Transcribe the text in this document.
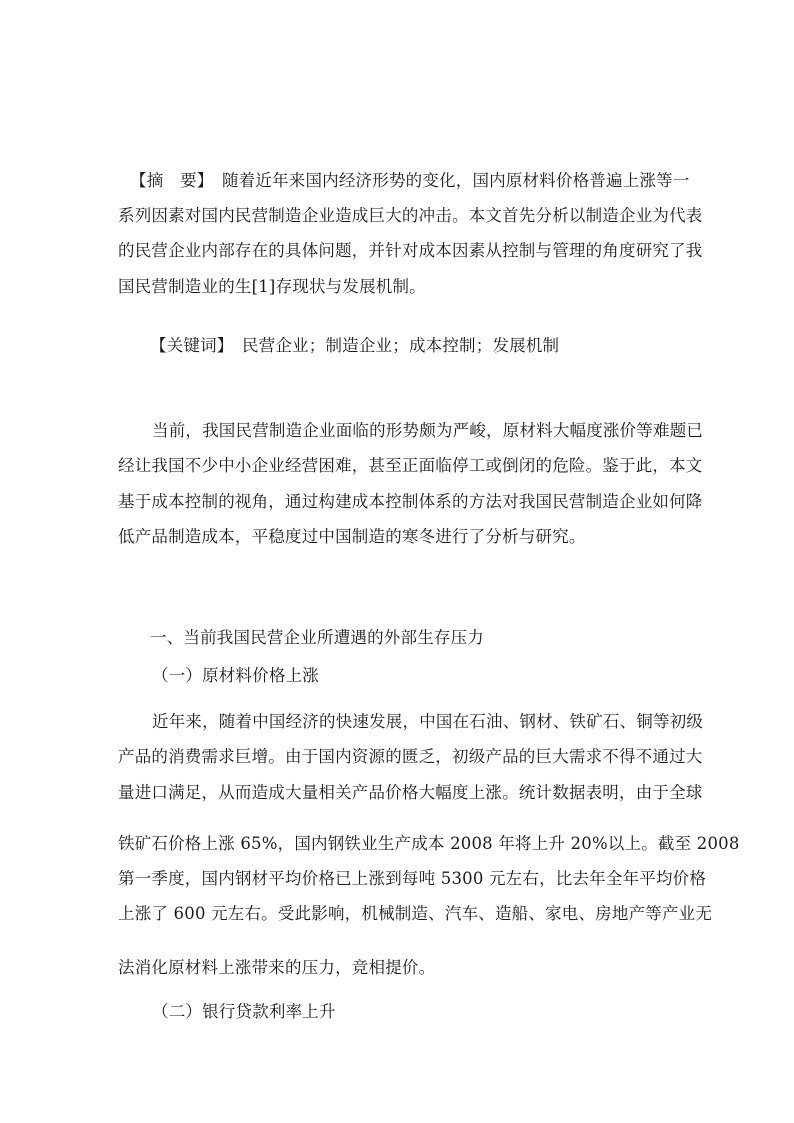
【摘　要】　随着近年来国内经济形势的变化，国内原材料价格普遍上涨等一
系列因素对国内民营制造企业造成巨大的冲击。本文首先分析以制造企业为代表
的民营企业内部存在的具体问题，并针对成本因素从控制与管理的角度研究了我
国民营制造业的生[1]存现状与发展机制。
【关键词】　民营企业；制造企业；成本控制；发展机制
当前，我国民营制造企业面临的形势颇为严峻，原材料大幅度涨价等难题已
经让我国不少中小企业经营困难，甚至正面临停工或倒闭的危险。鉴于此，本文
基于成本控制的视角，通过构建成本控制体系的方法对我国民营制造企业如何降
低产品制造成本，平稳度过中国制造的寒冬进行了分析与研究。
一、当前我国民营企业所遭遇的外部生存压力
（一）原材料价格上涨
近年来，随着中国经济的快速发展，中国在石油、钢材、铁矿石、铜等初级
产品的消费需求巨增。由于国内资源的匮乏，初级产品的巨大需求不得不通过大
量进口满足，从而造成大量相关产品价格大幅度上涨。统计数据表明，由于全球
铁矿石价格上涨 65%，国内钢铁业生产成本 2008 年将上升 20%以上。截至 2008
第一季度，国内钢材平均价格已上涨到每吨 5300 元左右，比去年全年平均价格
上涨了 600 元左右。受此影响，机械制造、汽车、造船、家电、房地产等产业无
法消化原材料上涨带来的压力，竞相提价。
（二）银行贷款利率上升
